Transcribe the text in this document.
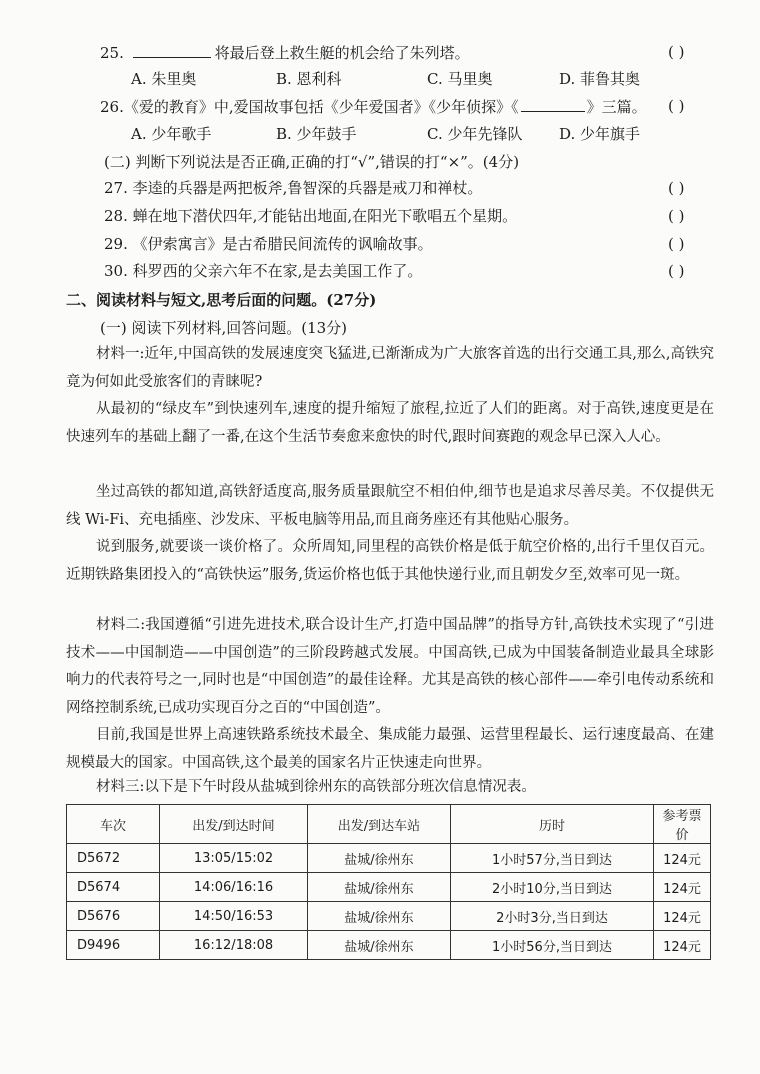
25.	将最后登上救生艇的机会给了朱列塔。	( )
A. 朱里奥	B. 恩利科	C. 马里奥	D. 菲鲁其奥
26.《爱的教育》中,爱国故事包括《少年爱国者》《少年侦探》《	》三篇。 ( )
A. 少年歌手	B. 少年鼓手	C. 少年先锋队 D. 少年旗手
(二) 判断下列说法是否正确,正确的打“√”,错误的打“×”。(4分)
27. 李逵的兵器是两把板斧,鲁智深的兵器是戒刀和禅杖。	( )
28. 蝉在地下潜伏四年,才能钻出地面,在阳光下歌唱五个星期。	( )
29. 《伊索寓言》是古希腊民间流传的讽喻故事。	( )
30. 科罗西的父亲六年不在家,是去美国工作了。	( )
二、阅读材料与短文,思考后面的问题。(27分)
(一) 阅读下列材料,回答问题。(13分)
材料一:近年,中国高铁的发展速度突飞猛进,已渐渐成为广大旅客首选的出行交通工具,那么,高铁究竟为何如此受旅客们的青睐呢?
从最初的“绿皮车”到快速列车,速度的提升缩短了旅程,拉近了人们的距离。对于高铁,速度更是在快速列车的基础上翻了一番,在这个生活节奏愈来愈快的时代,跟时间赛跑的观念早已深入人心。
坐过高铁的都知道,高铁舒适度高,服务质量跟航空不相伯仲,细节也是追求尽善尽美。不仅提供无线 Wi-Fi、充电插座、沙发床、平板电脑等用品,而且商务座还有其他贴心服务。
说到服务,就要谈一谈价格了。众所周知,同里程的高铁价格是低于航空价格的,出行千里仅百元。近期铁路集团投入的“高铁快运”服务,货运价格也低于其他快递行业,而且朝发夕至,效率可见一斑。
材料二:我国遵循“引进先进技术,联合设计生产,打造中国品牌”的指导方针,高铁技术实现了“引进技术——中国制造——中国创造”的三阶段跨越式发展。中国高铁,已成为中国装备制造业最具全球影响力的代表符号之一,同时也是“中国创造”的最佳诠释。尤其是高铁的核心部件——牵引电传动系统和网络控制系统,已成功实现百分之百的“中国创造”。
目前,我国是世界上高速铁路系统技术最全、集成能力最强、运营里程最长、运行速度最高、在建规模最大的国家。中国高铁,这个最美的国家名片正快速走向世界。
材料三:以下是下午时段从盐城到徐州东的高铁部分班次信息情况表。
车次	出发/到达时间	出发/到达车站	历时	参考票价
D5672	13:05/15:02	盐城/徐州东	1小时57分,当日到达	124元
D5674	14:06/16:16	盐城/徐州东	2小时10分,当日到达	124元
D5676	14:50/16:53	盐城/徐州东	2小时3分,当日到达	124元
D9496	16:12/18:08	盐城/徐州东	1小时56分,当日到达	124元
